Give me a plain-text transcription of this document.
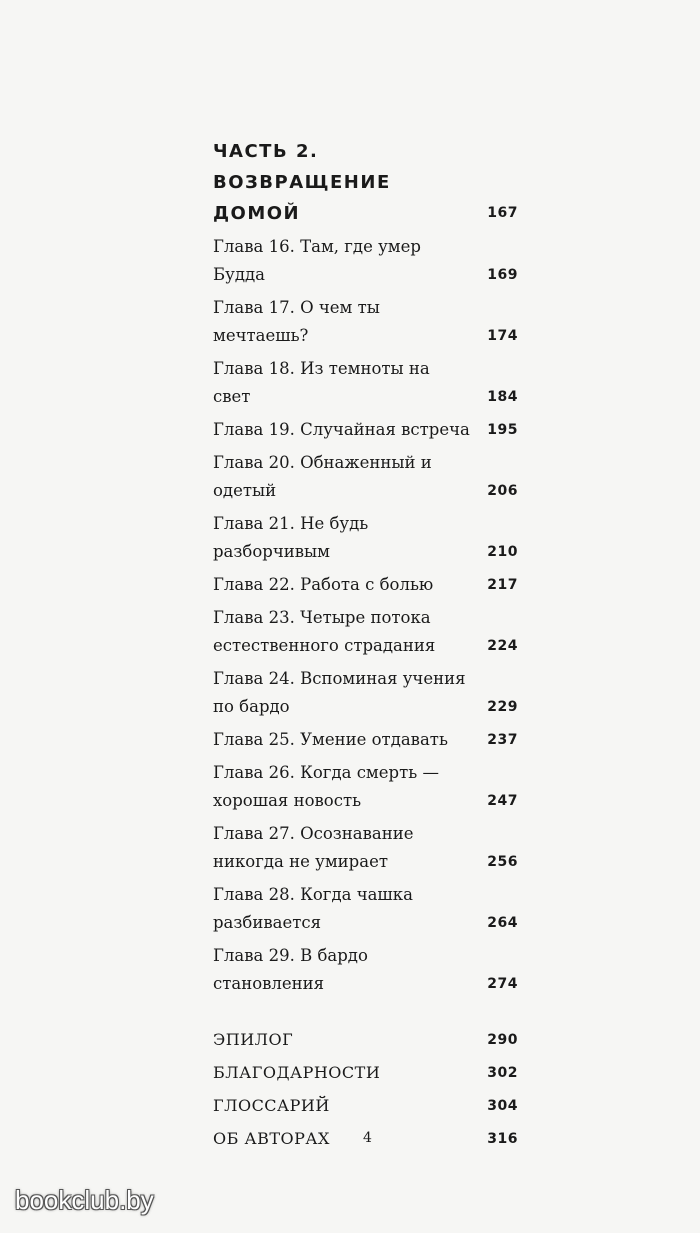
ЧАСТЬ 2.
ВОЗВРАЩЕНИЕ
ДОМОЙ	167
Глава 16. Там, где умер Будда	169
Глава 17. О чем ты мечтаешь?	174
Глава 18. Из темноты на свет	184
Глава 19. Случайная встреча 195
Глава 20. Обнаженный и одетый	206
Глава 21. Не будь разборчивым	210
Глава 22. Работа с болью	217
Глава 23. Четыре потока естественного страдания	224
Глава 24. Вспоминая учения по бардо	229
Глава 25. Умение отдавать	237
Глава 26. Когда смерть — хорошая новость	247
Глава 27. Осознавание никогда не умирает	256
Глава 28. Когда чашка разбивается	264
Глава 29. В бардо становления	274
ЭПИЛОГ	290
БЛАГОДАРНОСТИ	302
ГЛОССАРИЙ	304
ОБ АВТОРАХ	316
4
bookclub.by
